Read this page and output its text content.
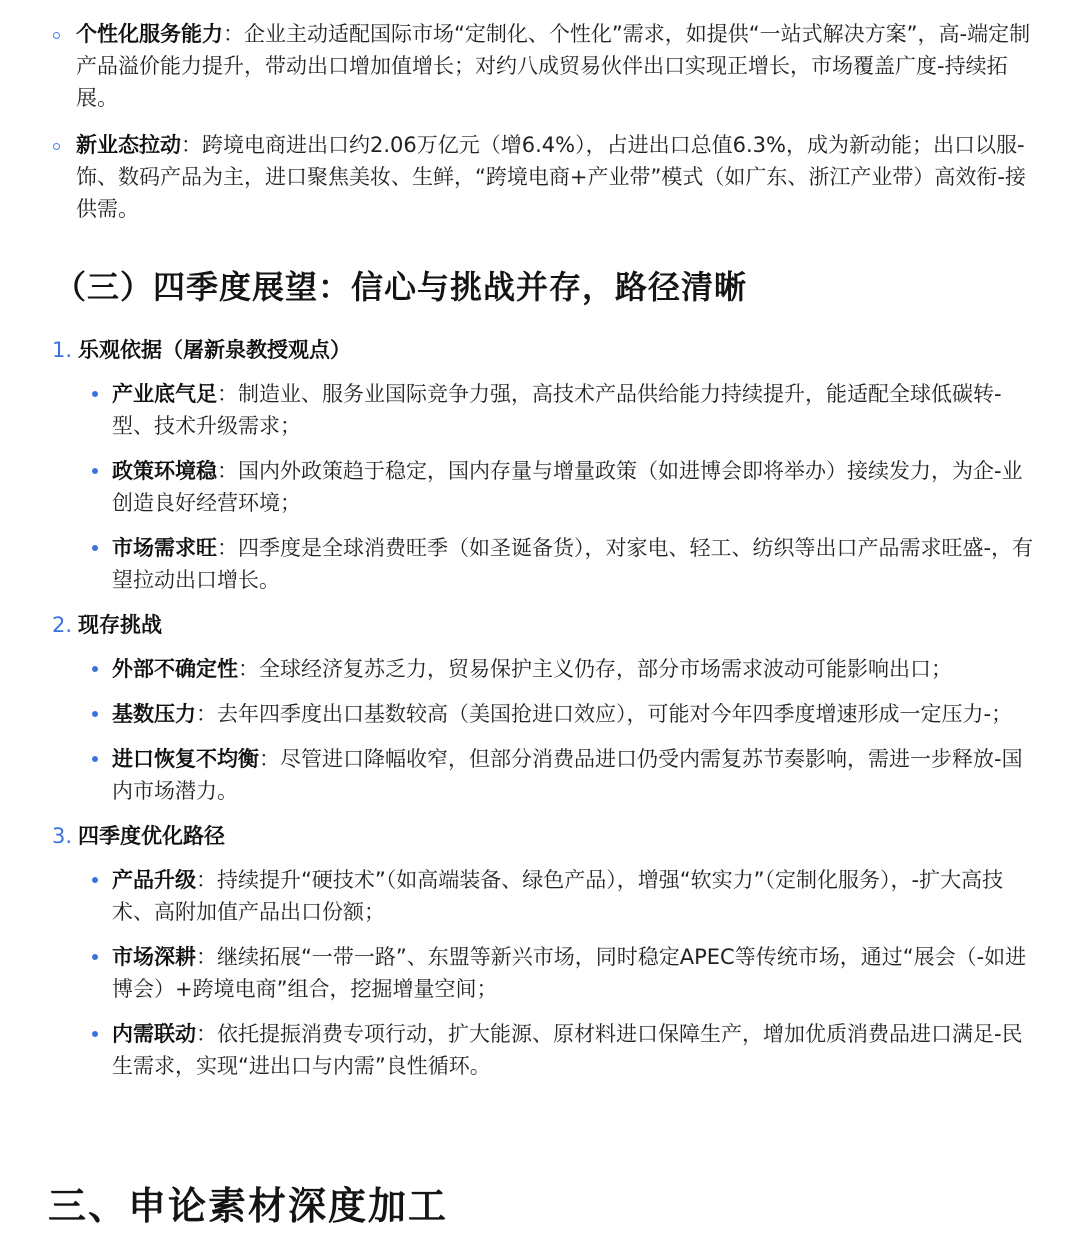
个性化服务能力：企业主动适配国际市场“定制化、个性化”需求，如提供“一站式解决方案”，高-端定制产品溢价能力提升，带动出口增加值增长；对约八成贸易伙伴出口实现正增长，市场覆盖广度-持续拓展。
新业态拉动：跨境电商进出口约2.06万亿元（增6.4%），占进出口总值6.3%，成为新动能；出口以服-饰、数码产品为主，进口聚焦美妆、生鲜，“跨境电商+产业带”模式（如广东、浙江产业带）高效衔-接供需。
（三）四季度展望：信心与挑战并存，路径清晰
1. 乐观依据（屠新泉教授观点）
产业底气足：制造业、服务业国际竞争力强，高技术产品供给能力持续提升，能适配全球低碳转-型、技术升级需求；
政策环境稳：国内外政策趋于稳定，国内存量与增量政策（如进博会即将举办）接续发力，为企-业创造良好经营环境；
市场需求旺：四季度是全球消费旺季（如圣诞备货），对家电、轻工、纺织等出口产品需求旺盛-，有望拉动出口增长。
2. 现存挑战
外部不确定性：全球经济复苏乏力，贸易保护主义仍存，部分市场需求波动可能影响出口；
基数压力：去年四季度出口基数较高（美国抢进口效应），可能对今年四季度增速形成一定压力-；
进口恢复不均衡：尽管进口降幅收窄，但部分消费品进口仍受内需复苏节奏影响，需进一步释放-国内市场潜力。
3. 四季度优化路径
产品升级：持续提升“硬技术”（如高端装备、绿色产品），增强“软实力”（定制化服务），-扩大高技术、高附加值产品出口份额；
市场深耕：继续拓展“一带一路”、东盟等新兴市场，同时稳定APEC等传统市场，通过“展会（-如进博会）+跨境电商”组合，挖掘增量空间；
内需联动：依托提振消费专项行动，扩大能源、原材料进口保障生产，增加优质消费品进口满足-民生需求，实现“进出口与内需”良性循环。
三、申论素材深度加工
